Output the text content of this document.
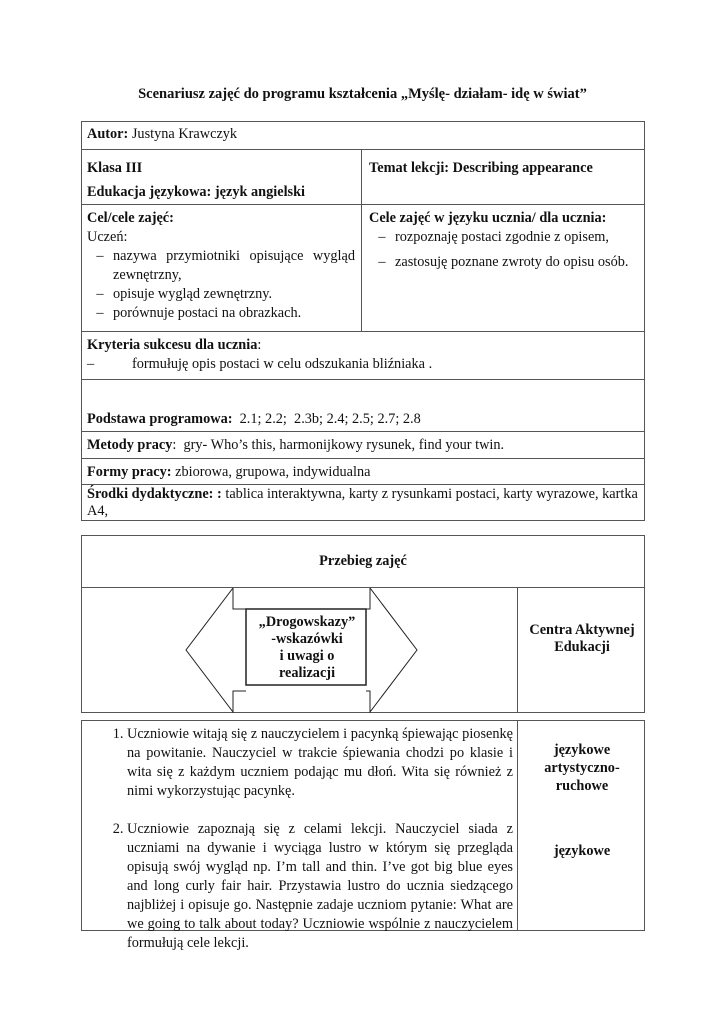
Scenariusz zajęć do programu kształcenia „Myślę- działam- idę w świat”
Autor: Justyna Krawczyk
Klasa III
Edukacja językowa: język angielski
Temat lekcji: Describing appearance
Cel/cele zajęć:
Uczeń:
– nazywa przymiotniki opisujące wygląd zewnętrzny,
– opisuje wygląd zewnętrzny.
– porównuje postaci na obrazkach.
Cele zajęć w języku ucznia/ dla ucznia:
– rozpoznaję postaci zgodnie z opisem,
– zastosuję poznane zwroty do opisu osób.
Kryteria sukcesu dla ucznia:
–	formułuję opis postaci w celu odszukania bliźniaka .
Podstawa programowa:  2.1; 2.2;  2.3b; 2.4; 2.5; 2.7; 2.8
Metody pracy:  gry- Who’s this, harmonijkowy rysunek, find your twin.
Formy pracy: zbiorowa, grupowa, indywidualna
Środki dydaktyczne: : tablica interaktywna, karty z rysunkami postaci, karty wyrazowe, kartka A4,
Przebieg zajęć
„Drogowskazy”
-wskazówki
i uwagi o
realizacji
Centra Aktywnej Edukacji
1. Uczniowie witają się z nauczycielem i pacynką śpiewając piosenkę na powitanie. Nauczyciel w trakcie śpiewania chodzi po klasie i wita się z każdym uczniem podając mu dłoń. Wita się również z nimi wykorzystując pacynkę.
2. Uczniowie zapoznają się z celami lekcji. Nauczyciel siada z uczniami na dywanie i wyciąga lustro w którym się przegląda opisują swój wygląd np. I’m tall and thin. I’ve got big blue eyes and long curly fair hair. Przystawia lustro do ucznia siedzącego najbliżej i opisuje go. Następnie zadaje uczniom pytanie: What are we going to talk about today? Uczniowie wspólnie z nauczycielem formułują cele lekcji.
językowe
artystyczno-
ruchowe
językowe
